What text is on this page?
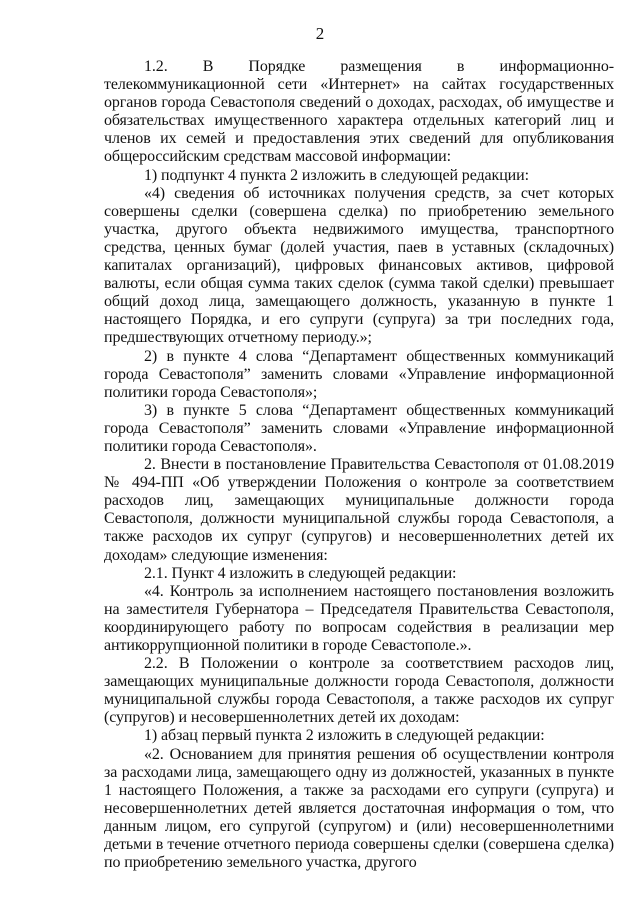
2

1.2. В Порядке размещения в информационно-телекоммуникационной сети «Интернет» на сайтах государственных органов города Севастополя сведений о доходах, расходах, об имуществе и обязательствах имущественного характера отдельных категорий лиц и членов их семей и предоставления этих сведений для опубликования общероссийским средствам массовой информации:

1) подпункт 4 пункта 2 изложить в следующей редакции:

«4) сведения об источниках получения средств, за счет которых совершены сделки (совершена сделка) по приобретению земельного участка, другого объекта недвижимого имущества, транспортного средства, ценных бумаг (долей участия, паев в уставных (складочных) капиталах организаций), цифровых финансовых активов, цифровой валюты, если общая сумма таких сделок (сумма такой сделки) превышает общий доход лица, замещающего должность, указанную в пункте 1 настоящего Порядка, и его супруги (супруга) за три последних года, предшествующих отчетному периоду.»;

2) в пункте 4 слова “Департамент общественных коммуникаций города Севастополя” заменить словами «Управление информационной политики города Севастополя»;

3) в пункте 5 слова “Департамент общественных коммуникаций города Севастополя” заменить словами «Управление информационной политики города Севастополя».

2. Внести в постановление Правительства Севастополя от 01.08.2019 № 494-ПП «Об утверждении Положения о контроле за соответствием расходов лиц, замещающих муниципальные должности города Севастополя, должности муниципальной службы города Севастополя, а также расходов их супруг (супругов) и несовершеннолетних детей их доходам» следующие изменения:

2.1. Пункт 4 изложить в следующей редакции:

«4. Контроль за исполнением настоящего постановления возложить на заместителя Губернатора – Председателя Правительства Севастополя, координирующего работу по вопросам содействия в реализации мер антикоррупционной политики в городе Севастополе.».

2.2. В Положении о контроле за соответствием расходов лиц, замещающих муниципальные должности города Севастополя, должности муниципальной службы города Севастополя, а также расходов их супруг (супругов) и несовершеннолетних детей их доходам:

1) абзац первый пункта 2 изложить в следующей редакции:

«2. Основанием для принятия решения об осуществлении контроля за расходами лица, замещающего одну из должностей, указанных в пункте 1 настоящего Положения, а также за расходами его супруги (супруга) и несовершеннолетних детей является достаточная информация о том, что данным лицом, его супругой (супругом) и (или) несовершеннолетними детьми в течение отчетного периода совершены сделки (совершена сделка) по приобретению земельного участка, другого
